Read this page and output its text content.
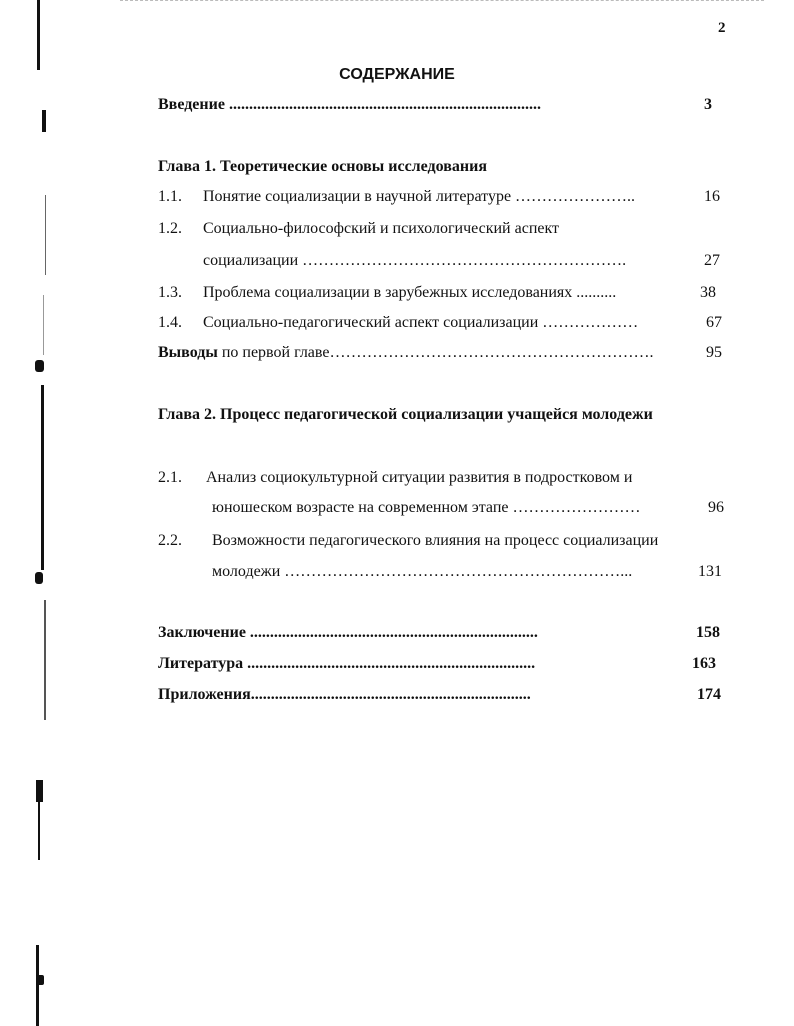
2
СОДЕРЖАНИЕ
Введение ..............................................................................	3
Глава 1. Теоретические основы исследования
1.1. Понятие социализации в научной литературе …………………..	16
1.2. Социально-философский и психологический аспект
социализации …………………………………………………….	27
1.3. Проблема социализации в зарубежных исследованиях ..........	38
1.4. Социально-педагогический аспект социализации ………………	67
Выводы по первой главе…………………………………………………….	95
Глава 2. Процесс педагогической социализации учащейся молодежи
2.1. Анализ социокультурной ситуации развития в подростковом и
юношеском возрасте на современном этапе ……………………	96
2.2. Возможности педагогического влияния на процесс социализации
молодежи ………………………………………………………...	131
Заключение ........................................................................	158
Литература ........................................................................	163
Приложения......................................................................	174
